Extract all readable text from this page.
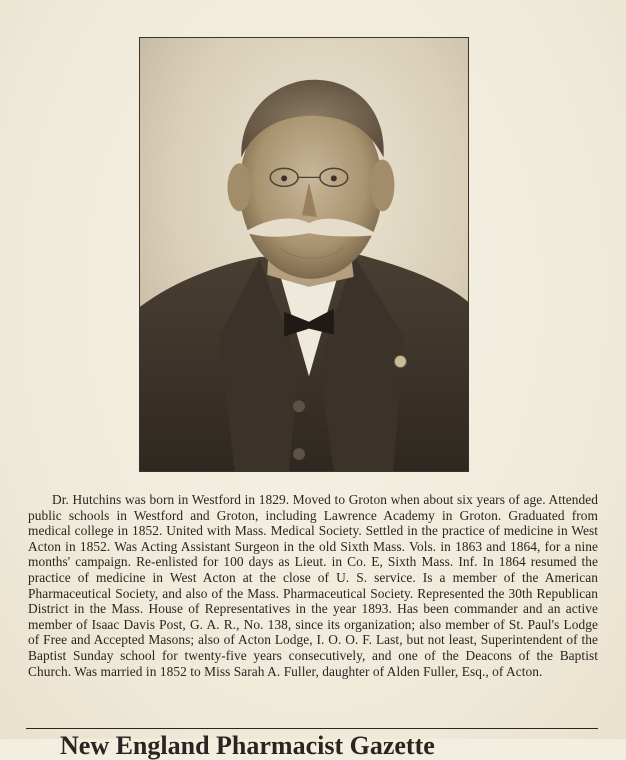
Dr. Hutchins was born in Westford in 1829. Moved to Groton when about six years of age. Attended public schools in Westford and Groton, including Lawrence Academy in Groton. Graduated from medical college in 1852. United with Mass. Medical Society. Settled in the practice of medicine in West Acton in 1852. Was Acting Assistant Surgeon in the old Sixth Mass. Vols. in 1863 and 1864, for a nine months' campaign. Re-enlisted for 100 days as Lieut. in Co. E, Sixth Mass. Inf. In 1864 resumed the practice of medicine in West Acton at the close of U. S. service. Is a member of the American Pharmaceutical Society, and also of the Mass. Pharmaceutical Society. Represented the 30th Republican District in the Mass. House of Representatives in the year 1893. Has been commander and an active member of Isaac Davis Post, G. A. R., No. 138, since its organization; also member of St. Paul's Lodge of Free and Accepted Masons; also of Acton Lodge, I. O. O. F. Last, but not least, Superintendent of the Baptist Sunday school for twenty-five years consecutively, and one of the Deacons of the Baptist Church. Was married in 1852 to Miss Sarah A. Fuller, daughter of Alden Fuller, Esq., of Acton.

New England Pharmacist Gazette
